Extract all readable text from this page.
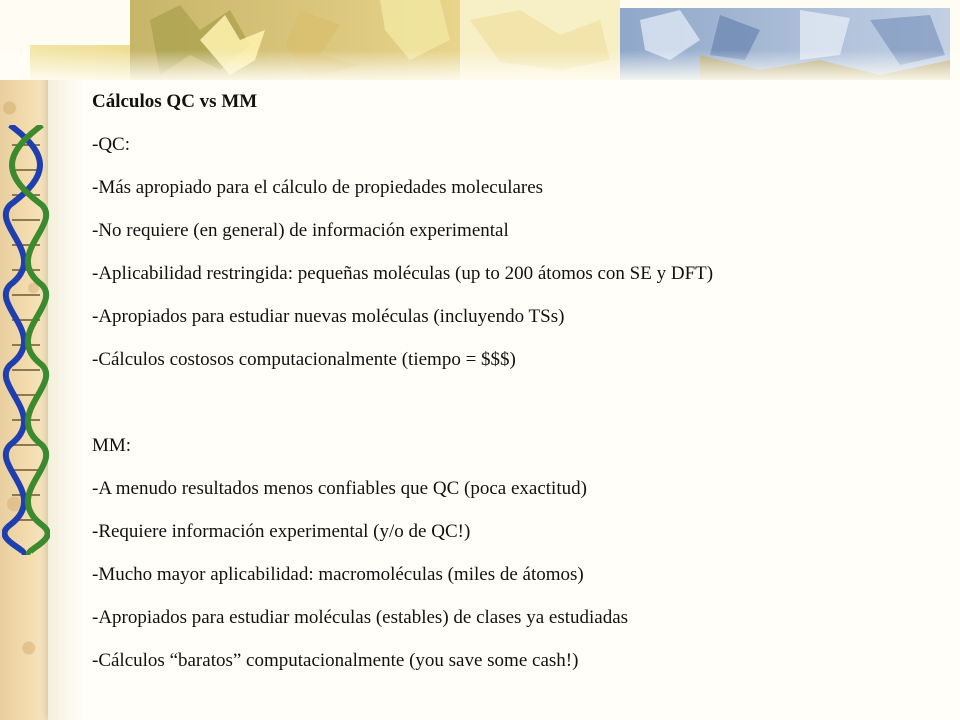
Cálculos QC vs MM
-QC:
-Más apropiado para el cálculo de propiedades moleculares
-No requiere (en general) de información experimental
-Aplicabilidad restringida: pequeñas moléculas (up to 200 átomos con SE y DFT)
-Apropiados para estudiar nuevas moléculas (incluyendo TSs)
-Cálculos costosos computacionalmente (tiempo = $$$)
MM:
-A menudo resultados menos confiables que QC (poca exactitud)
-Requiere información experimental (y/o de QC!)
-Mucho mayor aplicabilidad: macromoléculas (miles de átomos)
-Apropiados para estudiar moléculas (estables) de clases ya estudiadas
-Cálculos “baratos” computacionalmente (you save some cash!)
